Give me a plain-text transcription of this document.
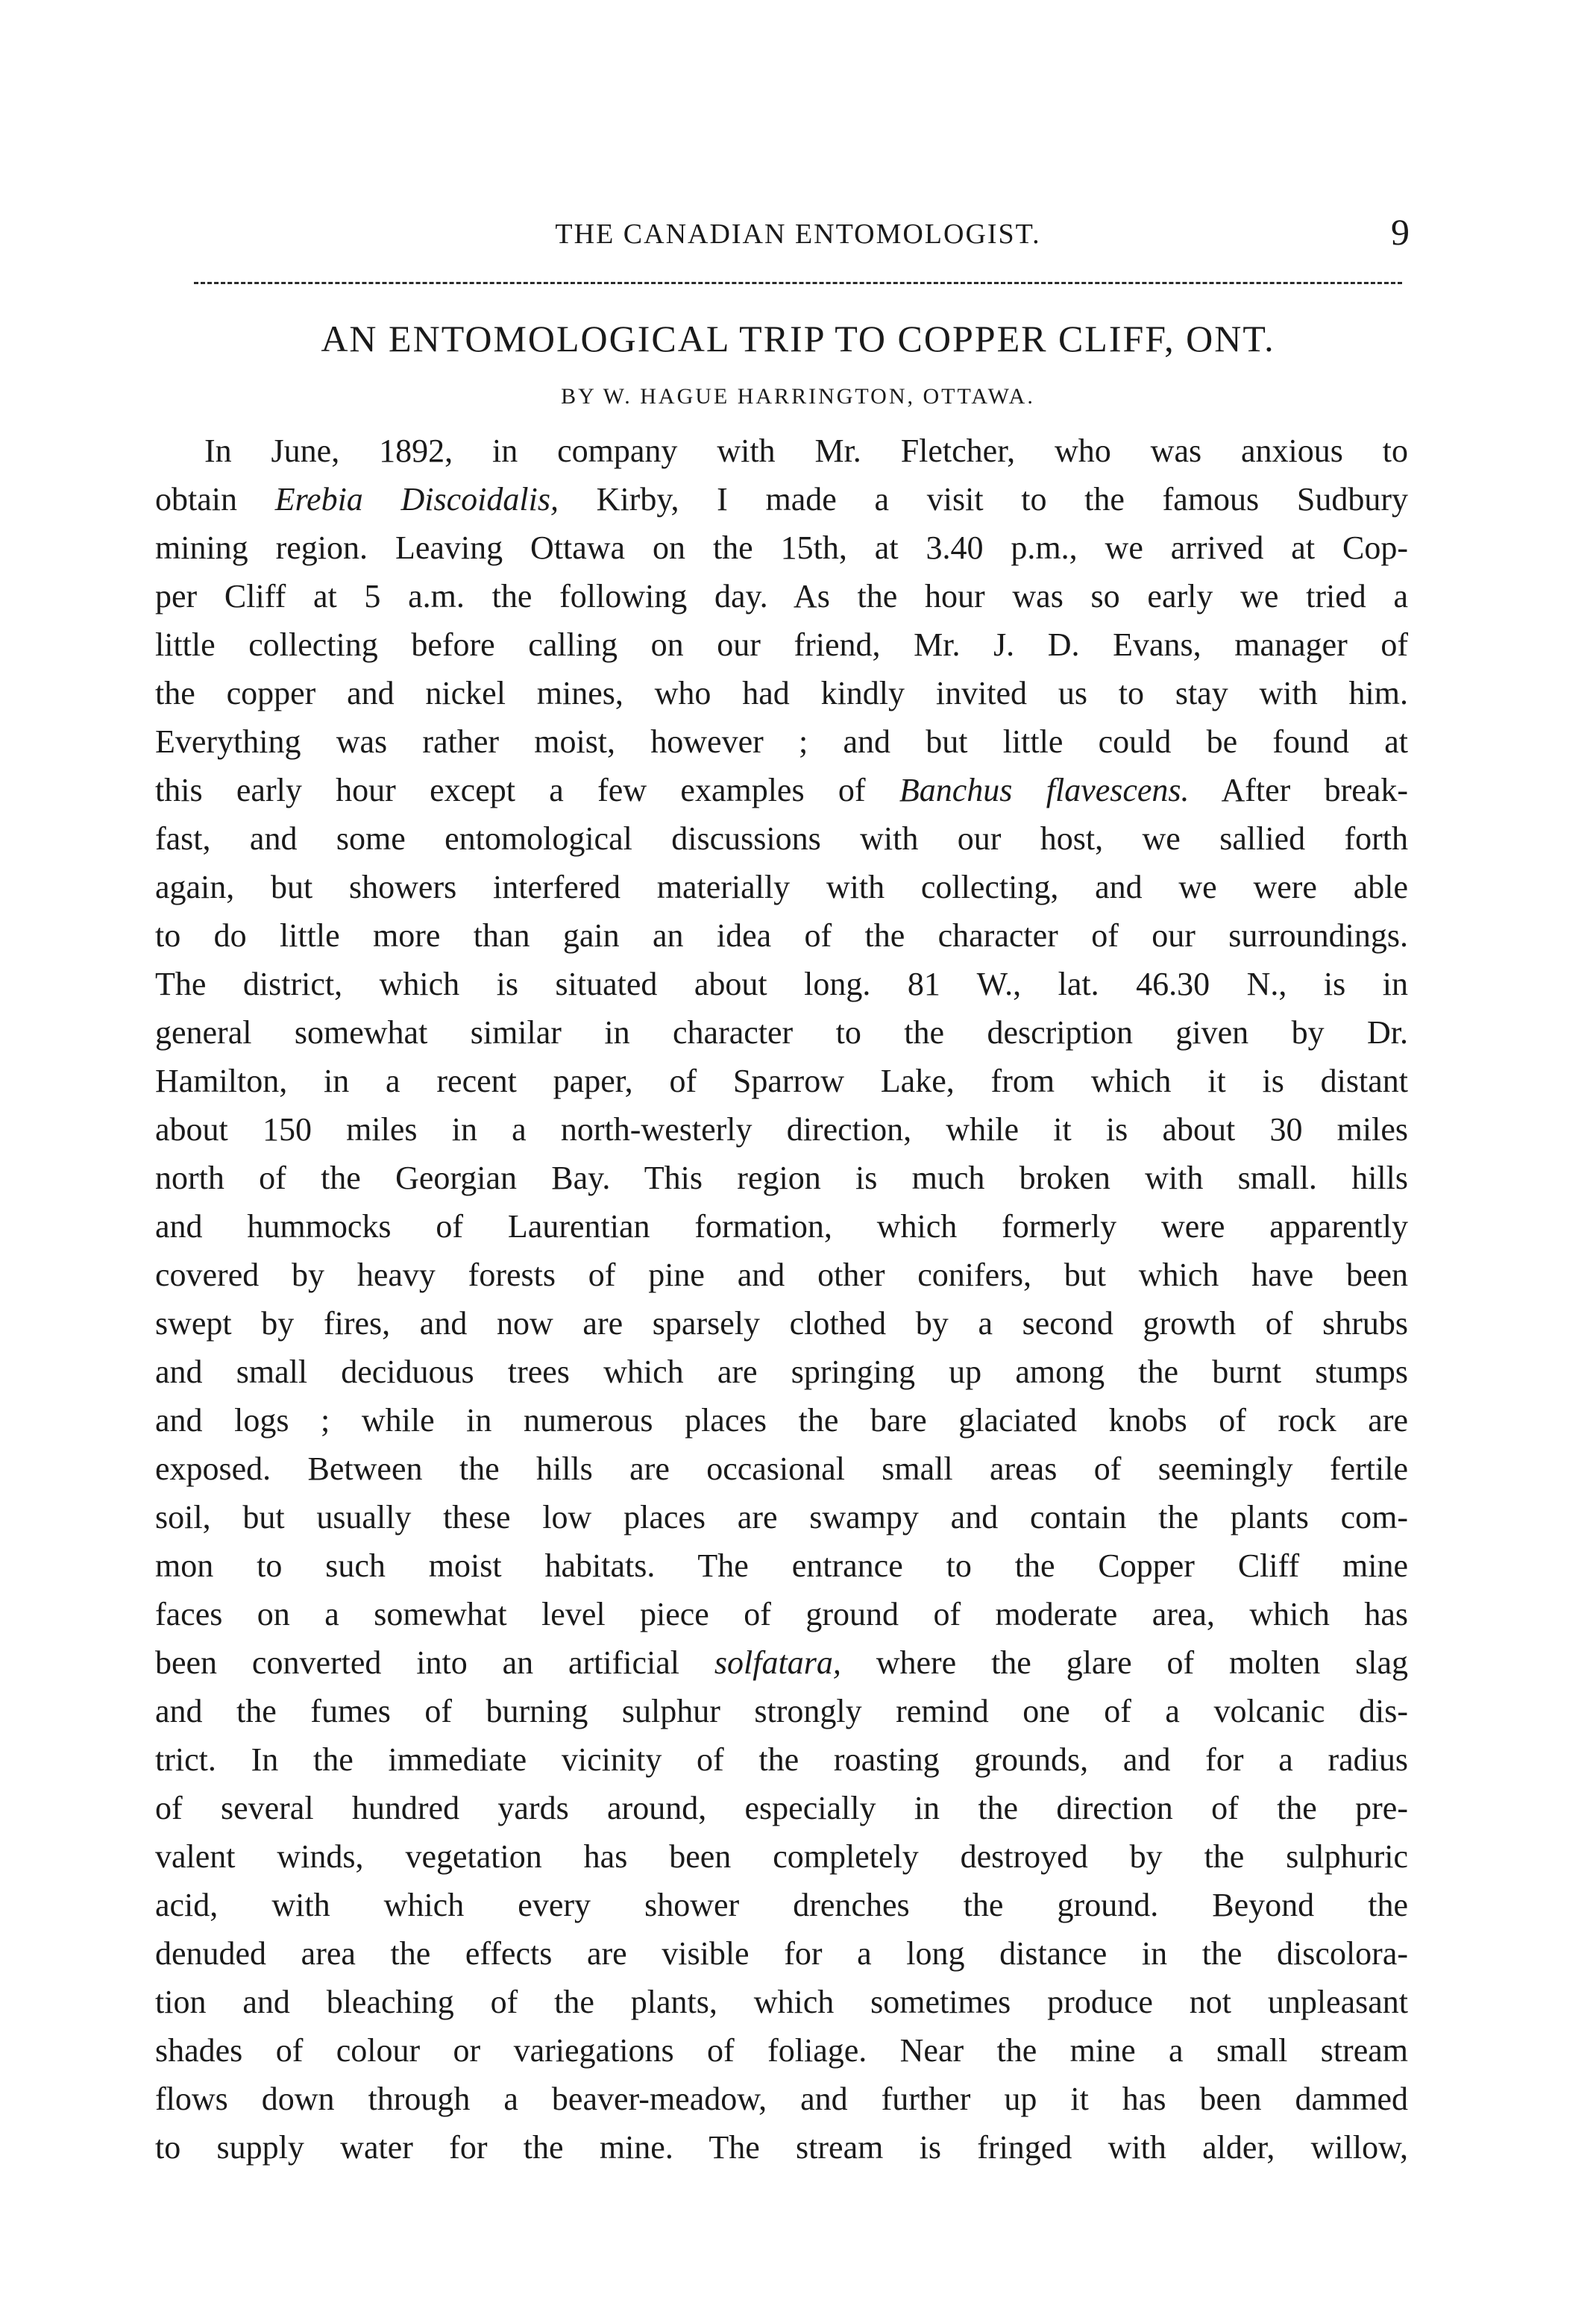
THE CANADIAN ENTOMOLOGIST.	9
AN ENTOMOLOGICAL TRIP TO COPPER CLIFF, ONT.
BY W. HAGUE HARRINGTON, OTTAWA.
In June, 1892, in company with Mr. Fletcher, who was anxious to
obtain Erebia Discoidalis, Kirby, I made a visit to the famous Sudbury
mining region. Leaving Ottawa on the 15th, at 3.40 p.m., we arrived at Cop-
per Cliff at 5 a.m. the following day. As the hour was so early we tried a
little collecting before calling on our friend, Mr. J. D. Evans, manager of
the copper and nickel mines, who had kindly invited us to stay with him.
Everything was rather moist, however ; and but little could be found at
this early hour except a few examples of Banchus flavescens. After break-
fast, and some entomological discussions with our host, we sallied forth
again, but showers interfered materially with collecting, and we were able
to do little more than gain an idea of the character of our surroundings.
The district, which is situated about long. 81 W., lat. 46.30 N., is in
general somewhat similar in character to the description given by Dr.
Hamilton, in a recent paper, of Sparrow Lake, from which it is distant
about 150 miles in a north-westerly direction, while it is about 30 miles
north of the Georgian Bay. This region is much broken with small. hills
and hummocks of Laurentian formation, which formerly were apparently
covered by heavy forests of pine and other conifers, but which have been
swept by fires, and now are sparsely clothed by a second growth of shrubs
and small deciduous trees which are springing up among the burnt stumps
and logs ; while in numerous places the bare glaciated knobs of rock are
exposed. Between the hills are occasional small areas of seemingly fertile
soil, but usually these low places are swampy and contain the plants com-
mon to such moist habitats. The entrance to the Copper Cliff mine
faces on a somewhat level piece of ground of moderate area, which has
been converted into an artificial solfatara, where the glare of molten slag
and the fumes of burning sulphur strongly remind one of a volcanic dis-
trict. In the immediate vicinity of the roasting grounds, and for a radius
of several hundred yards around, especially in the direction of the pre-
valent winds, vegetation has been completely destroyed by the sulphuric
acid, with which every shower drenches the ground. Beyond the
denuded area the effects are visible for a long distance in the discolora-
tion and bleaching of the plants, which sometimes produce not unpleasant
shades of colour or variegations of foliage. Near the mine a small stream
flows down through a beaver-meadow, and further up it has been dammed
to supply water for the mine. The stream is fringed with alder, willow,
